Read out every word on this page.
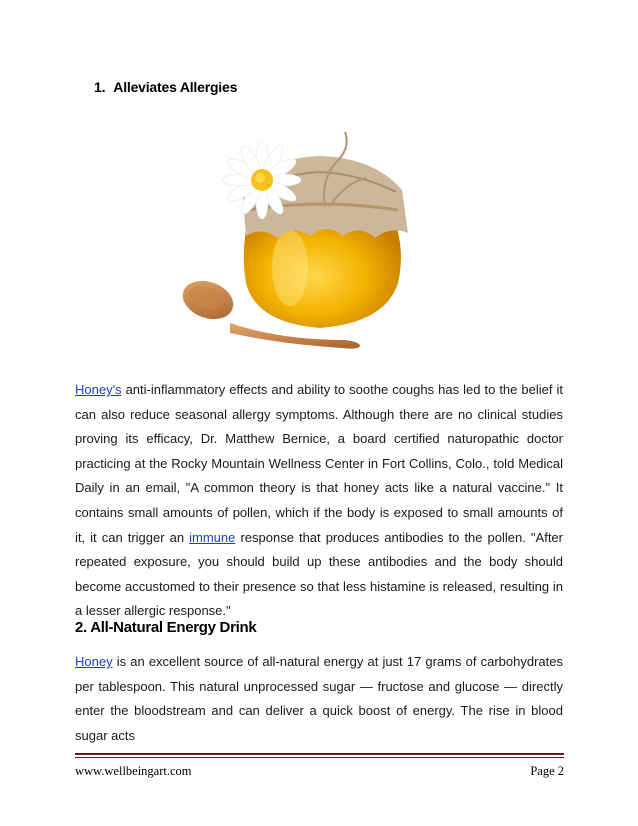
1. Alleviates Allergies

Honey's anti-inflammatory effects and ability to soothe coughs has led to the belief it can also reduce seasonal allergy symptoms. Although there are no clinical studies proving its efficacy, Dr. Matthew Bernice, a board certified naturopathic doctor practicing at the Rocky Mountain Wellness Center in Fort Collins, Colo., told Medical Daily in an email, "A common theory is that honey acts like a natural vaccine." It contains small amounts of pollen, which if the body is exposed to small amounts of it, it can trigger an immune response that produces antibodies to the pollen. "After repeated exposure, you should build up these antibodies and the body should become accustomed to their presence so that less histamine is released, resulting in a lesser allergic response."

2. All-Natural Energy Drink

Honey is an excellent source of all-natural energy at just 17 grams of carbohydrates per tablespoon. This natural unprocessed sugar — fructose and glucose — directly enter the bloodstream and can deliver a quick boost of energy. The rise in blood sugar acts

www.wellbeingart.com	Page 2
